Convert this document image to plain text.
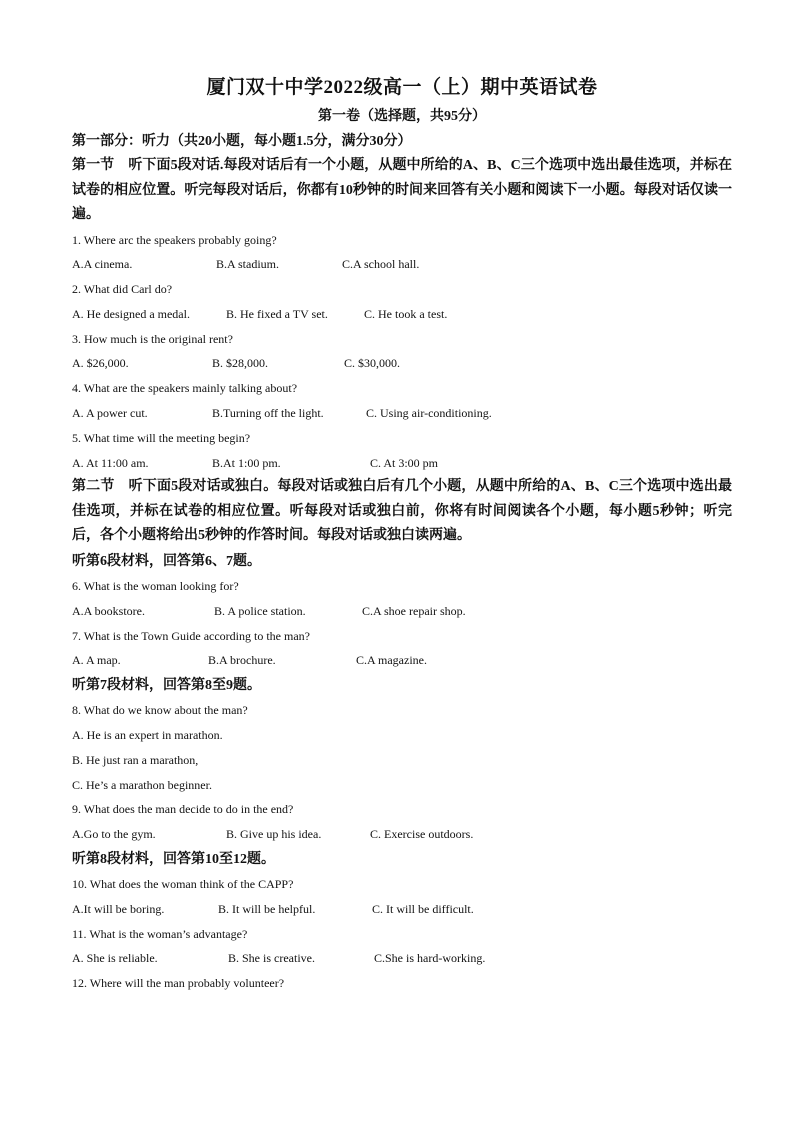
厦门双十中学2022级高一（上）期中英语试卷
第一卷（选择题，共95分）
第一部分：听力（共20小题，每小题1.5分，满分30分）
第一节　听下面5段对话.每段对话后有一个小题，从题中所给的A、B、C三个选项中选出最佳选项，并标在试卷的相应位置。听完每段对话后，你都有10秒钟的时间来回答有关小题和阅读下一小题。每段对话仅读一遍。
1. Where arc the speakers probably going?
A.A cinema.	B.A stadium.	C.A school hall.
2. What did Carl do?
A. He designed a medal.	B. He fixed a TV set.	C. He took a test.
3. How much is the original rent?
A. $26,000.	B. $28,000.	C. $30,000.
4. What are the speakers mainly talking about?
A. A power cut.	B.Turning off the light.	C. Using air-conditioning.
5. What time will the meeting begin?
A. At 11:00 am.	B.At 1:00 pm.	C. At 3:00 pm
第二节　听下面5段对话或独白。每段对话或独白后有几个小题，从题中所给的A、B、C三个选项中选出最佳选项，并标在试卷的相应位置。听每段对话或独白前，你将有时间阅读各个小题，每小题5秒钟；听完后，各个小题将给出5秒钟的作答时间。每段对话或独白读两遍。
听第6段材料，回答第6、7题。
6. What is the woman looking for?
A.A bookstore.	B. A police station.	C.A shoe repair shop.
7. What is the Town Guide according to the man?
A. A map.	B.A brochure.	C.A magazine.
听第7段材料，回答第8至9题。
8. What do we know about the man?
A. He is an expert in marathon.
B. He just ran a marathon,
C. He’s a marathon beginner.
9. What does the man decide to do in the end?
A.Go to the gym.	B. Give up his idea.	C. Exercise outdoors.
听第8段材料，回答第10至12题。
10. What does the woman think of the CAPP?
A.It will be boring.	B. It will be helpful.	C. It will be difficult.
11. What is the woman’s advantage?
A. She is reliable.	B. She is creative.	C.She is hard-working.
12. Where will the man probably volunteer?
